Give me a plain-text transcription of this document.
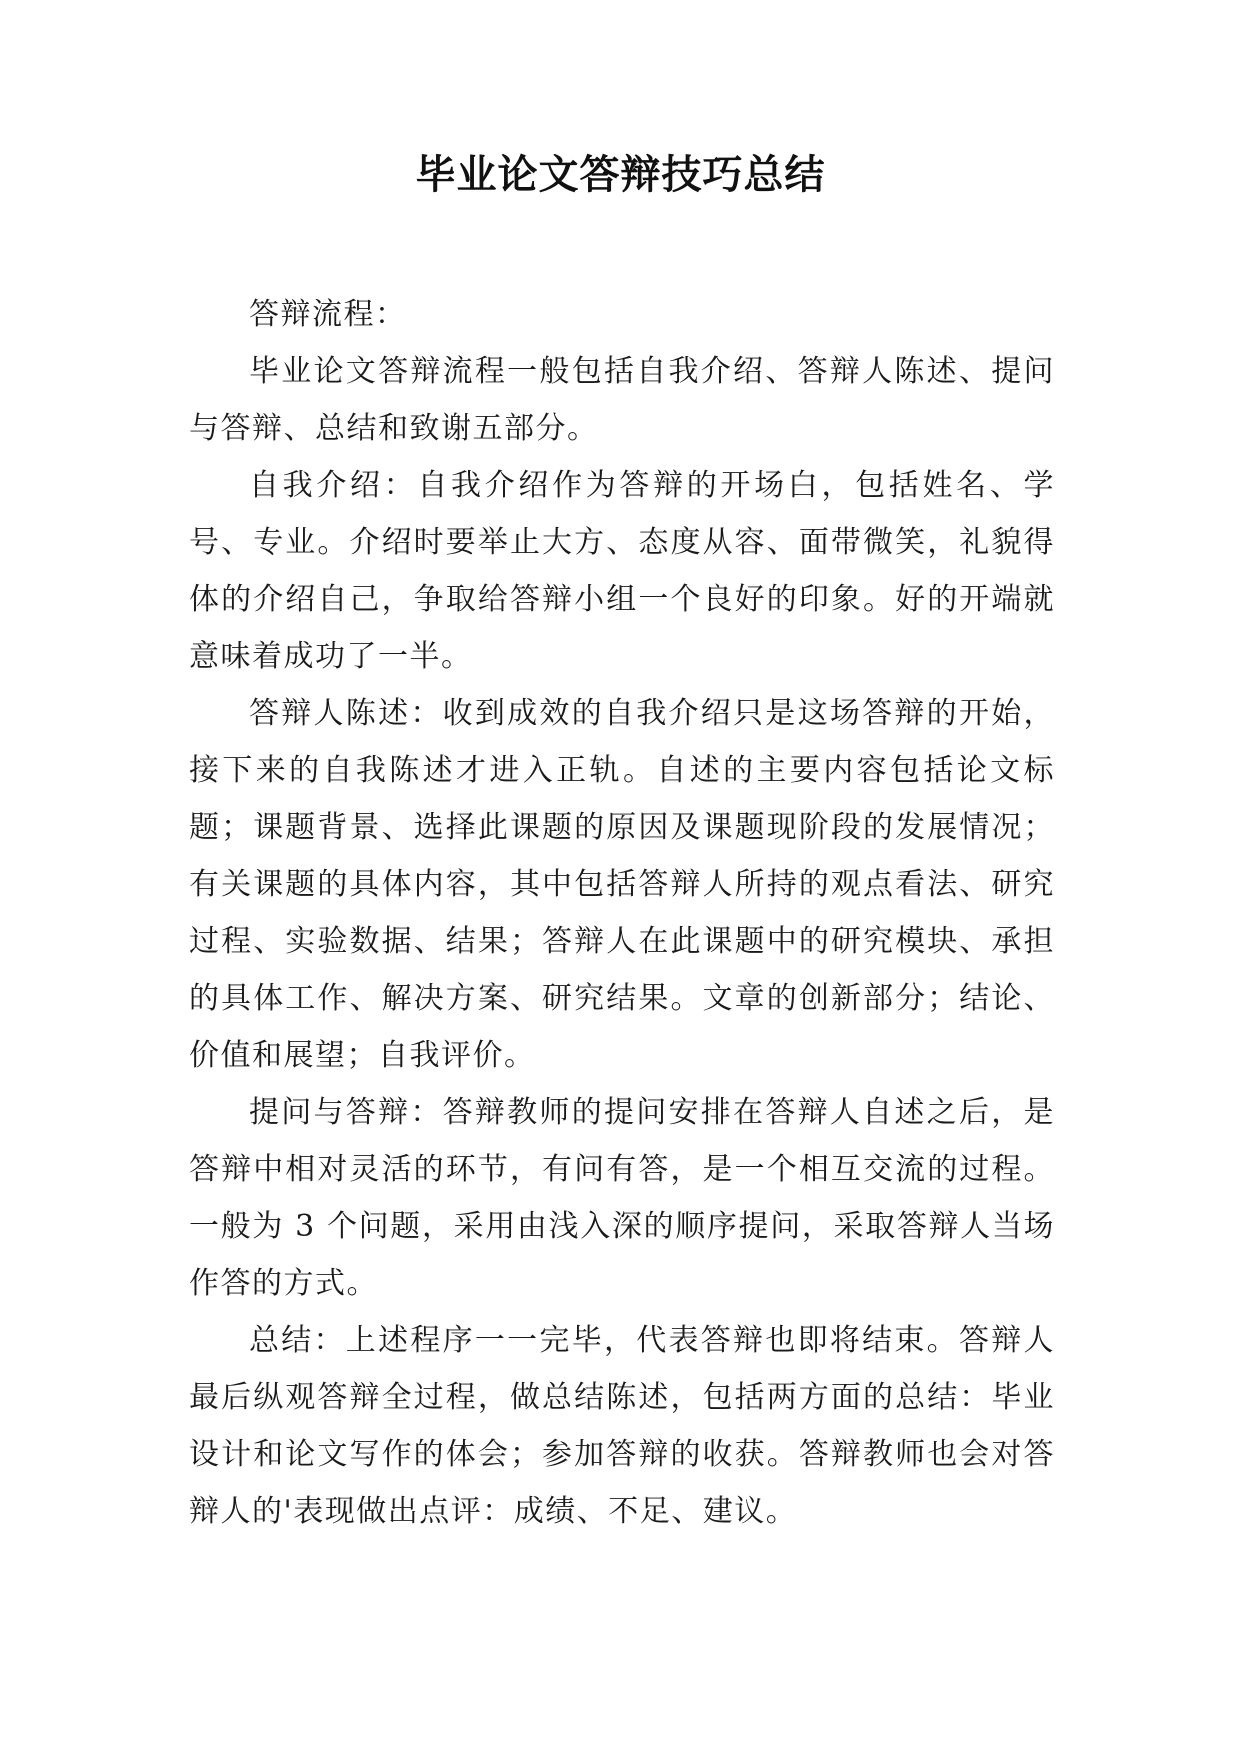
毕业论文答辩技巧总结

答辩流程：

毕业论文答辩流程一般包括自我介绍、答辩人陈述、提问与答辩、总结和致谢五部分。

自我介绍：自我介绍作为答辩的开场白，包括姓名、学号、专业。介绍时要举止大方、态度从容、面带微笑，礼貌得体的介绍自己，争取给答辩小组一个良好的印象。好的开端就意味着成功了一半。

答辩人陈述：收到成效的自我介绍只是这场答辩的开始，接下来的自我陈述才进入正轨。自述的主要内容包括论文标题；课题背景、选择此课题的原因及课题现阶段的发展情况；有关课题的具体内容，其中包括答辩人所持的观点看法、研究过程、实验数据、结果；答辩人在此课题中的研究模块、承担的具体工作、解决方案、研究结果。文章的创新部分；结论、价值和展望；自我评价。

提问与答辩：答辩教师的提问安排在答辩人自述之后，是答辩中相对灵活的环节，有问有答，是一个相互交流的过程。一般为 3 个问题，采用由浅入深的顺序提问，采取答辩人当场作答的方式。

总结：上述程序一一完毕，代表答辩也即将结束。答辩人最后纵观答辩全过程，做总结陈述，包括两方面的总结：毕业设计和论文写作的体会；参加答辩的收获。答辩教师也会对答辩人的'表现做出点评：成绩、不足、建议。
